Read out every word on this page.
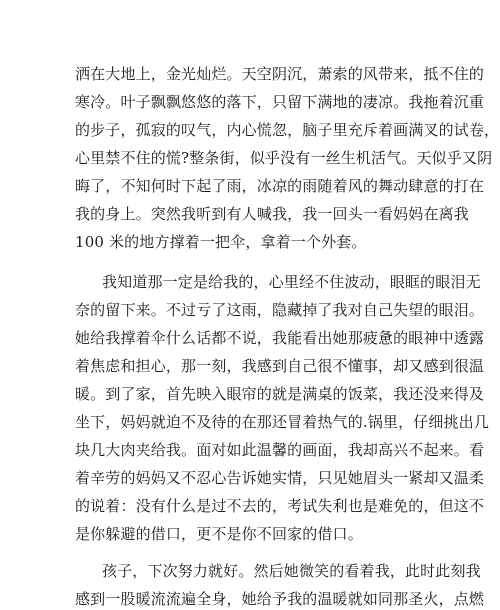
洒在大地上，金光灿烂。天空阴沉，萧索的风带来，抵不住的
寒冷。叶子飘飘悠悠的落下，只留下满地的凄凉。我拖着沉重
的步子，孤寂的叹气，内心慌忽，脑子里充斥着画满叉的试卷，
心里禁不住的慌?整条街，似乎没有一丝生机活气。天似乎又阴
晦了，不知何时下起了雨，冰凉的雨随着风的舞动肆意的打在
我的身上。突然我听到有人喊我，我一回头一看妈妈在离我
100 米的地方撑着一把伞，拿着一个外套。
我知道那一定是给我的，心里经不住波动，眼眶的眼泪无
奈的留下来。不过亏了这雨，隐藏掉了我对自己失望的眼泪。
她给我撑着伞什么话都不说，我能看出她那疲惫的眼神中透露
着焦虑和担心，那一刻，我感到自己很不懂事，却又感到很温
暖。到了家，首先映入眼帘的就是满桌的饭菜，我还没来得及
坐下，妈妈就迫不及待的在那还冒着热气的.锅里，仔细挑出几
块几大肉夹给我。面对如此温馨的画面，我却高兴不起来。看
着辛劳的妈妈又不忍心告诉她实情，只见她眉头一紧却又温柔
的说着：没有什么是过不去的，考试失利也是难免的，但这不
是你躲避的借口，更不是你不回家的借口。
孩子，下次努力就好。然后她微笑的看着我，此时此刻我
感到一股暖流流遍全身，她给予我的温暖就如同那圣火，点燃
